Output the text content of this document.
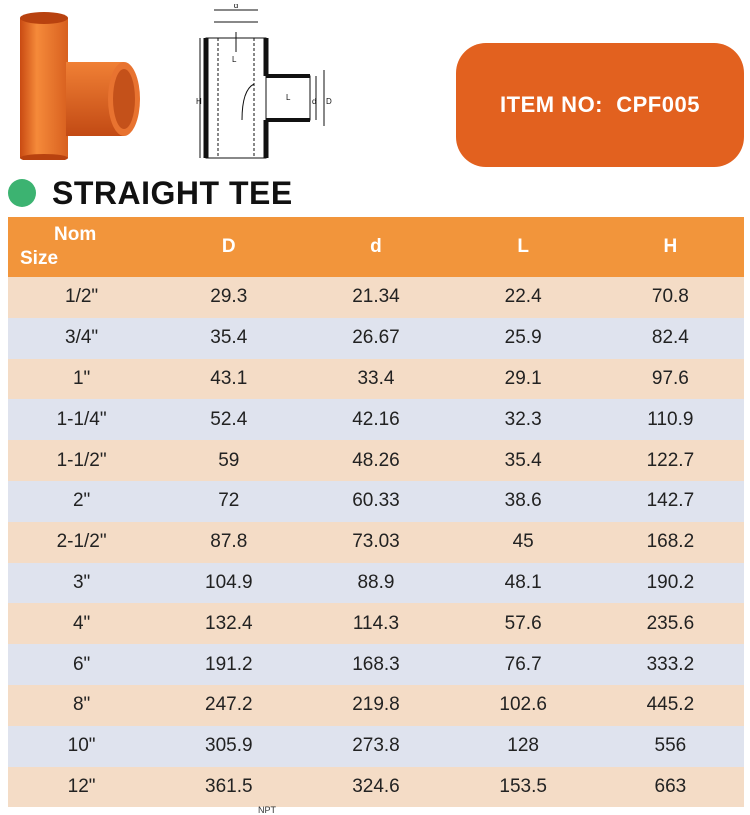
d
L
H	L	d D	ITEM NO:
CPF005
STRAIGHT TEE
Nom
Size	D	d	L	H
1/2"	29.3	21.34	22.4	70.8
3/4"	35.4	26.67	25.9	82.4
1"	43.1	33.4	29.1	97.6
1-1/4"	52.4	42.16	32.3	110.9
1-1/2"	59	48.26	35.4	122.7
2"	72	60.33	38.6	142.7
2-1/2"	87.8	73.03	45	168.2
3"	104.9	88.9	48.1	190.2
4"	132.4	114.3	57.6	235.6
6"	191.2	168.3	76.7	333.2
8"	247.2	219.8	102.6	445.2
10"	305.9	273.8	128	556
12"	361.5	324.6	153.5	663
NPT
